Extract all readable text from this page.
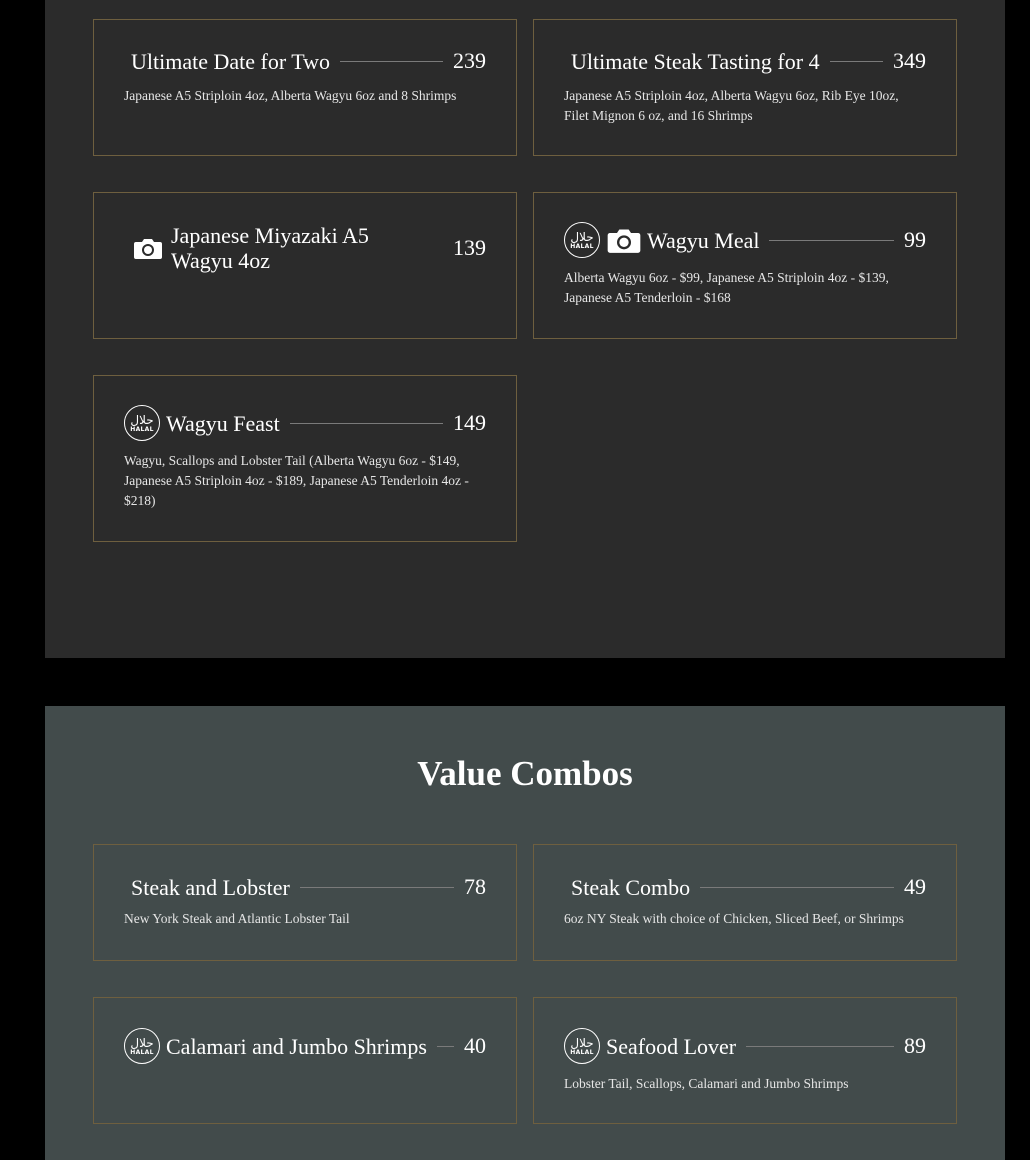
Ultimate Date for Two	239
Japanese A5 Striploin 4oz, Alberta Wagyu 6oz and 8 Shrimps
Ultimate Steak Tasting for 4	349
Japanese A5 Striploin 4oz, Alberta Wagyu 6oz, Rib Eye 10oz, Filet Mignon 6 oz, and 16 Shrimps
Japanese Miyazaki A5 Wagyu 4oz
139	حلال
HALAL Wagyu Meal	99
Alberta Wagyu 6oz - $99, Japanese A5 Striploin 4oz - $139, Japanese A5 Tenderloin - $168
حلال
HALAL Wagyu Feast	149
Wagyu, Scallops and Lobster Tail (Alberta Wagyu 6oz - $149, Japanese A5 Striploin 4oz - $189, Japanese A5 Tenderloin 4oz - $218)
Value Combos
Steak and Lobster	78
New York Steak and Atlantic Lobster Tail
Steak Combo	49
6oz NY Steak with choice of Chicken, Sliced Beef, or Shrimps
حلال
HALAL Calamari and Jumbo Shrimps 40	حلال
HALAL Seafood Lover	89
Lobster Tail, Scallops, Calamari and Jumbo Shrimps
